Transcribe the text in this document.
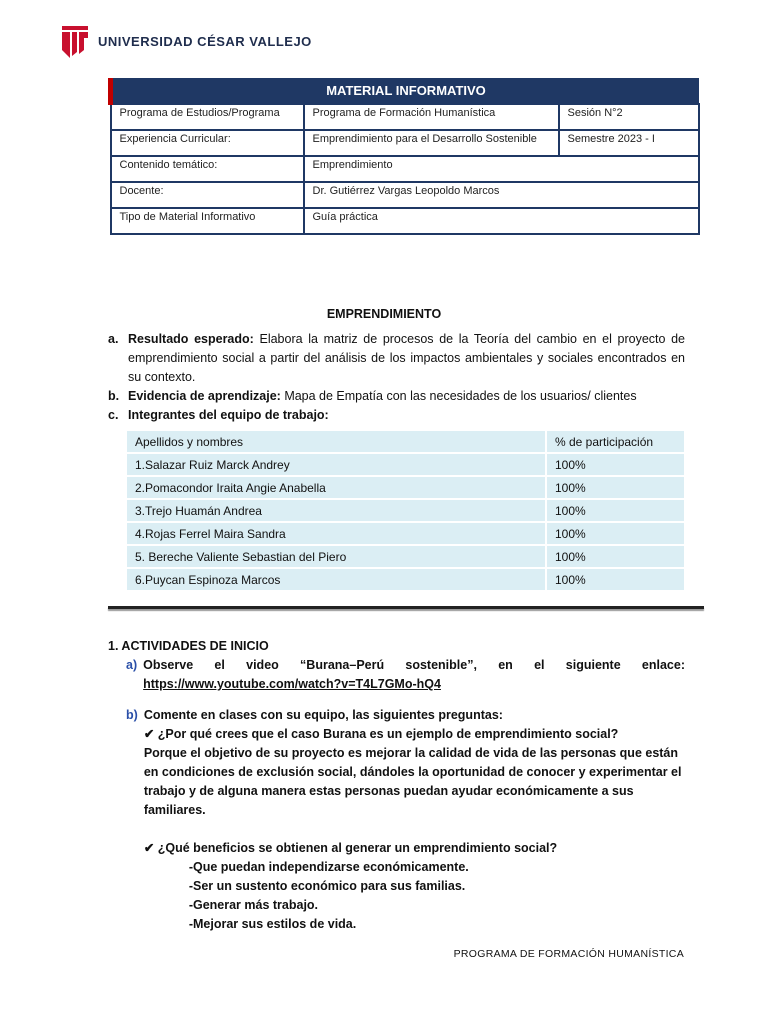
UNIVERSIDAD CÉSAR VALLEJO
MATERIAL INFORMATIVO		
Programa de Estudios/Programa	Programa de Formación Humanística	Sesión N°2
Experiencia Curricular:	Emprendimiento para el Desarrollo Sostenible	Semestre 2023 - I
Contenido temático:	Emprendimiento	
Docente:	Dr. Gutiérrez Vargas Leopoldo Marcos	
Tipo de Material Informativo	Guía práctica	
EMPRENDIMIENTO
a. Resultado esperado: Elabora la matriz de procesos de la Teoría del cambio en el proyecto de emprendimiento social a partir del análisis de los impactos ambientales y sociales encontrados en su contexto.
b. Evidencia de aprendizaje: Mapa de Empatía con las necesidades de los usuarios/ clientes
c. Integrantes del equipo de trabajo:
Apellidos y nombres	% de participación
1.Salazar Ruiz Marck Andrey	100%
2.Pomacondor Iraita Angie Anabella	100%
3.Trejo Huamán Andrea	100%
4.Rojas Ferrel Maira Sandra	100%
5. Bereche Valiente Sebastian del Piero	100%
6.Puycan Espinoza Marcos	100%
1. ACTIVIDADES DE INICIO
a) Observe el video “Burana–Perú sostenible”, en el siguiente enlace:
https://www.youtube.com/watch?v=T4L7GMo-hQ4
b) Comente en clases con su equipo, las siguientes preguntas:
✔ ¿Por qué crees que el caso Burana es un ejemplo de emprendimiento social?
Porque el objetivo de su proyecto es mejorar la calidad de vida de las personas que están en condiciones de exclusión social, dándoles la oportunidad de conocer y experimentar el trabajo y de alguna manera estas personas puedan ayudar económicamente a sus familiares.
✔ ¿Qué beneficios se obtienen al generar un emprendimiento social?
-Que puedan independizarse económicamente.
-Ser un sustento económico para sus familias.
-Generar más trabajo.
-Mejorar sus estilos de vida.
PROGRAMA DE FORMACIÓN HUMANÍSTICA
